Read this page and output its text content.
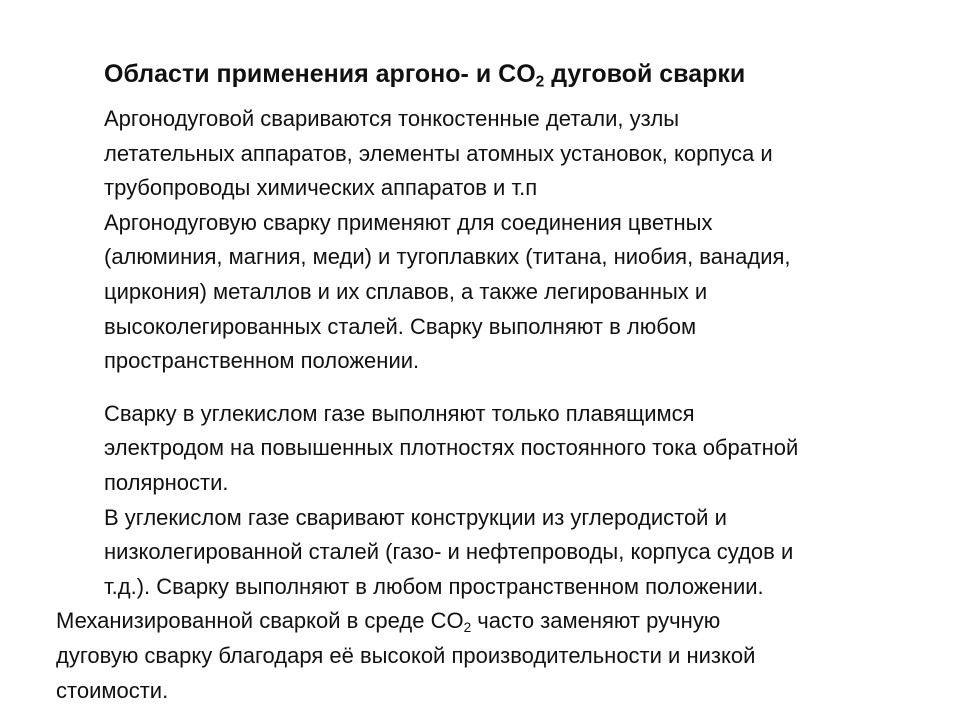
Области применения аргоно- и $CO_2$ дуговой сварки

Аргонодуговой свариваются тонкостенные детали, узлы
летательных аппаратов, элементы атомных установок, корпуса и
трубопроводы химических аппаратов и т.п

Аргонодуговую сварку применяют для соединения цветных
(алюминия, магния, меди) и тугоплавких (титана, ниобия, ванадия,
циркония) металлов и их сплавов, а также легированных и
высоколегированных сталей. Сварку выполняют в любом
пространственном положении.

Сварку в углекислом газе выполняют только плавящимся
электродом на повышенных плотностях постоянного тока обратной
полярности.

В углекислом газе сваривают конструкции из углеродистой и
низколегированной сталей (газо- и нефтепроводы, корпуса судов и
т.д.). Сварку выполняют в любом пространственном положении.

Механизированной сваркой в среде $CO_2$ часто заменяют ручную
дуговую сварку благодаря её высокой производительности и низкой
стоимости.
